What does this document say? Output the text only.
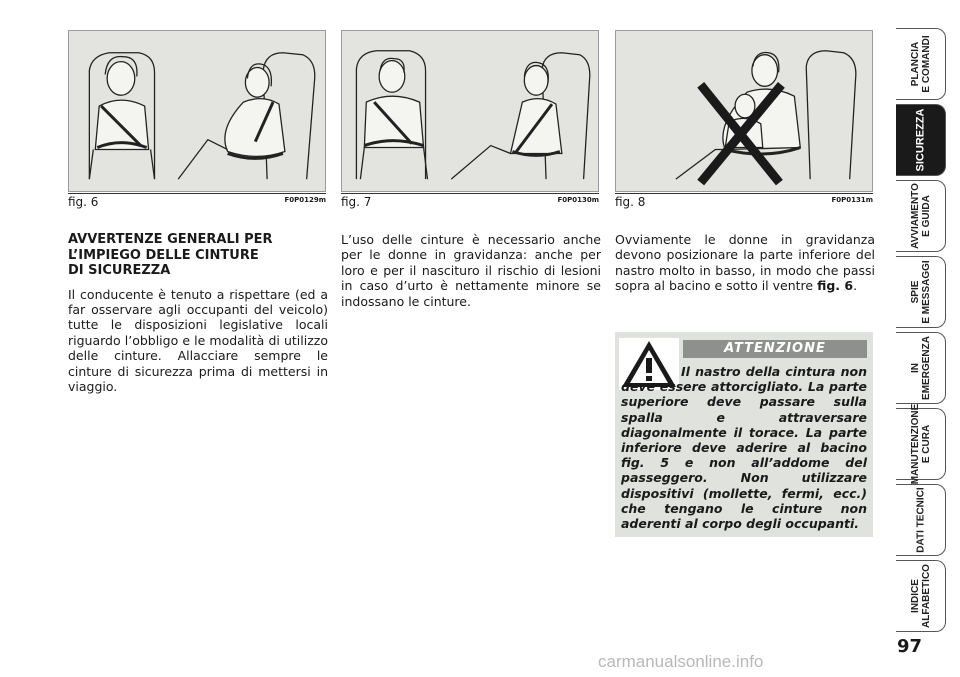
fig. 6	F0P0129m fig. 7	F0P0130m fig. 8	F0P0131m
AVVERTENZE GENERALI PER
L’IMPIEGO DELLE CINTURE
DI SICUREZZA

Il conducente è tenuto a rispettare (ed a far osservare agli occupanti del veicolo) tutte le disposizioni legislative locali riguardo l’obbligo e le modalità di utilizzo delle cinture. Allacciare sempre le cinture di sicurezza prima di mettersi in viaggio.

L’uso delle cinture è necessario anche per le donne in gravidanza: anche per loro e per il nascituro il rischio di lesioni in caso d’urto è nettamente minore se indossano le cinture.

Ovviamente le donne in gravidanza devono posizionare la parte inferiore del nastro molto in basso, in modo che passi sopra al bacino e sotto il ventre fig. 6.

ATTENZIONE
Il nastro della cintura non deve essere attorcigliato. La parte superiore deve passare sulla spalla e attraversare diagonalmente il torace. La parte inferiore deve aderire al bacino fig. 5 e non all’addome del passeggero. Non utilizzare dispositivi (mollette, fermi, ecc.) che tengano le cinture non aderenti al corpo degli occupanti.
PLANCIA
E COMANDI
SICUREZZA
AVVIAMENTO
E GUIDA
SPIE
E MESSAGGI
IN
EMERGENZA
MANUTENZIONE
E CURA
DATI TECNICI
INDICE
ALFABETICO
97
carmanualsonline.info
